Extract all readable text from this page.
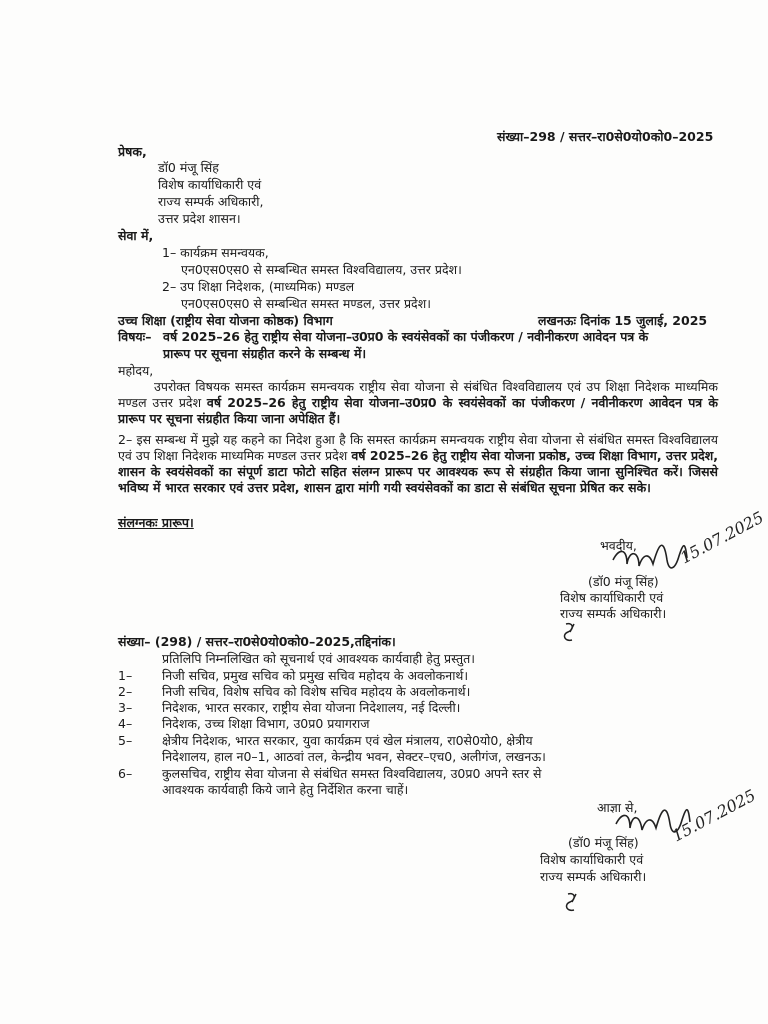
संख्या–298 / सत्तर–रा0से0यो0को0–2025
प्रेषक,
डॉ0 मंजू सिंह
विशेष कार्याधिकारी एवं
राज्य सम्पर्क अधिकारी,
उत्तर प्रदेश शासन।
सेवा में,
1– कार्यक्रम समन्वयक,
एन0एस0एस0 से सम्बन्धित समस्त विश्वविद्यालय, उत्तर प्रदेश।
2– उप शिक्षा निदेशक, (माध्यमिक) मण्डल
एन0एस0एस0 से सम्बन्धित समस्त मण्डल, उत्तर प्रदेश।
उच्च शिक्षा (राष्ट्रीय सेवा योजना कोष्ठक) विभाग	लखनऊः दिनांक 15 जुलाई, 2025
विषयः– वर्ष 2025–26 हेतु राष्ट्रीय सेवा योजना–उ0प्र0 के स्वयंसेवकों का पंजीकरण / नवीनीकरण आवेदन पत्र के
प्रारूप पर सूचना संग्रहीत करने के सम्बन्ध में।
महोदय,
उपरोक्त विषयक समस्त कार्यक्रम समन्वयक राष्ट्रीय सेवा योजना से संबंधित विश्वविद्यालय एवं उप शिक्षा निदेशक माध्यमिक मण्डल उत्तर प्रदेश वर्ष 2025–26 हेतु राष्ट्रीय सेवा योजना–उ0प्र0 के स्वयंसेवकों का पंजीकरण / नवीनीकरण आवेदन पत्र के प्रारूप पर सूचना संग्रहीत किया जाना अपेक्षित हैं।
2– इस सम्बन्ध में मुझे यह कहने का निदेश हुआ है कि समस्त कार्यक्रम समन्वयक राष्ट्रीय सेवा योजना से संबंधित समस्त विश्वविद्यालय एवं उप शिक्षा निदेशक माध्यमिक मण्डल उत्तर प्रदेश वर्ष 2025–26 हेतु राष्ट्रीय सेवा योजना प्रकोष्ठ, उच्च शिक्षा विभाग, उत्तर प्रदेश, शासन के स्वयंसेवकों का संपूर्ण डाटा फोटो सहित संलग्न प्रारूप पर आवश्यक रूप से संग्रहीत किया जाना सुनिश्चित करें। जिससे भविष्य में भारत सरकार एवं उत्तर प्रदेश, शासन द्वारा मांगी गयी स्वयंसेवकों का डाटा से संबंधित सूचना प्रेषित कर सके।
संलग्नकः प्रारूप।
भवदीय,	15.07.2025
(डॉ0 मंजू सिंह)
विशेष कार्याधिकारी एवं
राज्य सम्पर्क अधिकारी।
संख्या– (298) / सत्तर–रा0से0यो0को0–2025,तद्दिनांक।
प्रतिलिपि निम्नलिखित को सूचनार्थ एवं आवश्यक कार्यवाही हेतु प्रस्तुत।
1– निजी सचिव, प्रमुख सचिव को प्रमुख सचिव महोदय के अवलोकनार्थ।
2– निजी सचिव, विशेष सचिव को विशेष सचिव महोदय के अवलोकनार्थ।
3– निदेशक, भारत सरकार, राष्ट्रीय सेवा योजना निदेशालय, नई दिल्ली।
4– निदेशक, उच्च शिक्षा विभाग, उ0प्र0 प्रयागराज
5– क्षेत्रीय निदेशक, भारत सरकार, युवा कार्यक्रम एवं खेल मंत्रालय, रा0से0यो0, क्षेत्रीय
निदेशालय, हाल न0–1, आठवां तल, केन्द्रीय भवन, सेक्टर–एच0, अलीगंज, लखनऊ।
6– कुलसचिव, राष्ट्रीय सेवा योजना से संबंधित समस्त विश्वविद्यालय, उ0प्र0 अपने स्तर से
आवश्यक कार्यवाही किये जाने हेतु निर्देशित करना चाहें।
आज्ञा से, 15.07.2025
(डॉ0 मंजू सिंह)
विशेष कार्याधिकारी एवं
राज्य सम्पर्क अधिकारी।
